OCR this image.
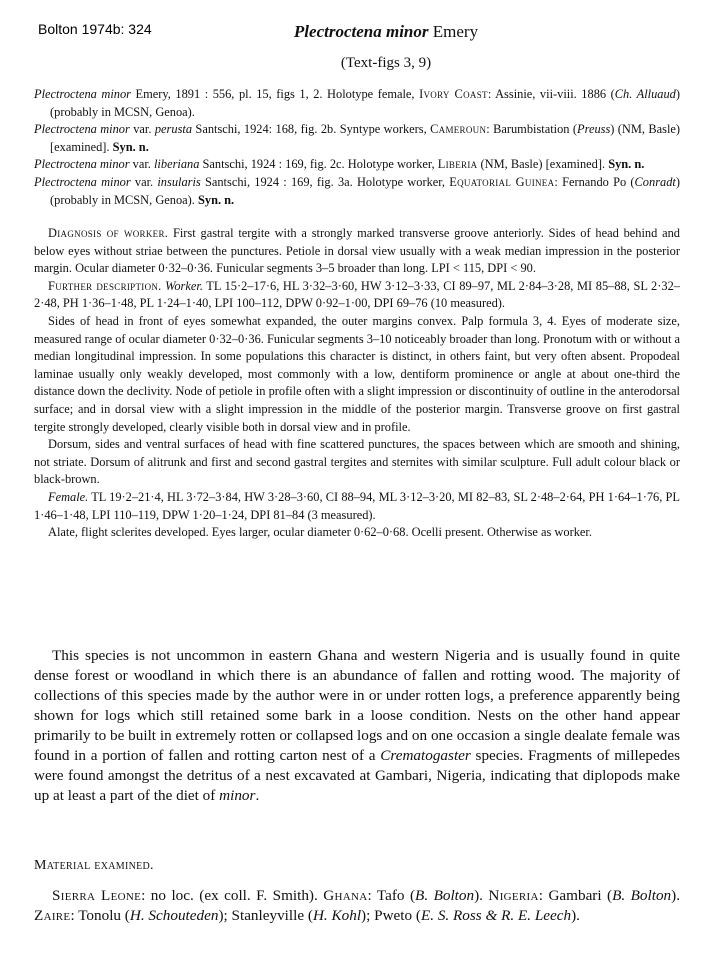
Bolton 1974b: 324	Plectroctena minor Emery
(Text-figs 3, 9)

Plectroctena minor Emery, 1891 : 556, pl. 15, figs 1, 2. Holotype female, Ivory Coast: Assinie, vii-viii. 1886 (Ch. Alluaud) (probably in MCSN, Genoa).

Plectroctena minor var. perusta Santschi, 1924: 168, fig. 2b. Syntype workers, Cameroun: Barumbistation (Preuss) (NM, Basle) [examined]. Syn. n.

Plectroctena minor var. liberiana Santschi, 1924 : 169, fig. 2c. Holotype worker, Liberia (NM, Basle) [examined]. Syn. n.

Plectroctena minor var. insularis Santschi, 1924 : 169, fig. 3a. Holotype worker, Equatorial Guinea: Fernando Po (Conradt) (probably in MCSN, Genoa). Syn. n.

Diagnosis of worker. First gastral tergite with a strongly marked transverse groove anteriorly. Sides of head behind and below eyes without striae between the punctures. Petiole in dorsal view usually with a weak median impression in the posterior margin. Ocular diameter 0·32–0·36. Funicular segments 3–5 broader than long. LPI < 115, DPI < 90.

Further description. Worker. TL 15·2–17·6, HL 3·32–3·60, HW 3·12–3·33, CI 89–97, ML 2·84–3·28, MI 85–88, SL 2·32–2·48, PH 1·36–1·48, PL 1·24–1·40, LPI 100–112, DPW 0·92–1·00, DPI 69–76 (10 measured).

Sides of head in front of eyes somewhat expanded, the outer margins convex. Palp formula 3, 4. Eyes of moderate size, measured range of ocular diameter 0·32–0·36. Funicular segments 3–10 noticeably broader than long. Pronotum with or without a median longitudinal impression. In some populations this character is distinct, in others faint, but very often absent. Propodeal laminae usually only weakly developed, most commonly with a low, dentiform prominence or angle at about one-third the distance down the declivity. Node of petiole in profile often with a slight impression or discontinuity of outline in the anterodorsal surface; and in dorsal view with a slight impression in the middle of the posterior margin. Transverse groove on first gastral tergite strongly developed, clearly visible both in dorsal view and in profile.

Dorsum, sides and ventral surfaces of head with fine scattered punctures, the spaces between which are smooth and shining, not striate. Dorsum of alitrunk and first and second gastral tergites and sternites with similar sculpture. Full adult colour black or black-brown.

Female. TL 19·2–21·4, HL 3·72–3·84, HW 3·28–3·60, CI 88–94, ML 3·12–3·20, MI 82–83, SL 2·48–2·64, PH 1·64–1·76, PL 1·46–1·48, LPI 110–119, DPW 1·20–1·24, DPI 81–84 (3 measured).

Alate, flight sclerites developed. Eyes larger, ocular diameter 0·62–0·68. Ocelli present. Otherwise as worker.

This species is not uncommon in eastern Ghana and western Nigeria and is usually found in quite dense forest or woodland in which there is an abundance of fallen and rotting wood. The majority of collections of this species made by the author were in or under rotten logs, a preference apparently being shown for logs which still retained some bark in a loose condition. Nests on the other hand appear primarily to be built in extremely rotten or collapsed logs and on one occasion a single dealate female was found in a portion of fallen and rotting carton nest of a Crematogaster species. Fragments of millepedes were found amongst the detritus of a nest excavated at Gambari, Nigeria, indicating that diplopods make up at least a part of the diet of minor.

Material examined.

Sierra Leone: no loc. (ex coll. F. Smith). Ghana: Tafo (B. Bolton). Nigeria: Gambari (B. Bolton). Zaire: Tonolu (H. Schouteden); Stanleyville (H. Kohl); Pweto (E. S. Ross & R. E. Leech).
